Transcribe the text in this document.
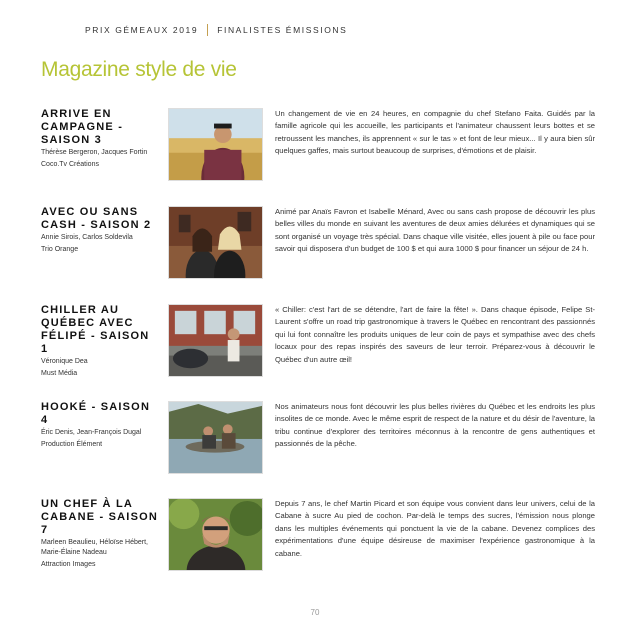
PRIX GÉMEAUX 2019 FINALISTES ÉMISSIONS
Magazine style de vie
ARRIVE EN CAMPAGNE - SAISON 3
Thérèse Bergeron, Jacques Fortin
Coco.Tv Créations
Un changement de vie en 24 heures, en compagnie du chef Stefano Faita. Guidés par la famille agricole qui les accueille, les participants et l'animateur chaussent leurs bottes et se retroussent les manches, ils apprennent « sur le tas » et font de leur mieux... Il y aura bien sûr quelques gaffes, mais surtout beaucoup de surprises, d'émotions et de plaisir.
AVEC OU SANS CASH - SAISON 2
Annie Sirois, Carlos Soldevila
Trio Orange
Animé par Anaïs Favron et Isabelle Ménard, Avec ou sans cash propose de découvrir les plus belles villes du monde en suivant les aventures de deux amies délurées et dynamiques qui se sont organisé un voyage très spécial. Dans chaque ville visitée, elles jouent à pile ou face pour savoir qui disposera d'un budget de 100 $ et qui aura 1000 $ pour financer un séjour de 24 h.
CHILLER AU QUÉBEC AVEC FÉLIPÉ - SAISON 1
Véronique Dea
Must Média
« Chiller: c'est l'art de se détendre, l'art de faire la fête! ». Dans chaque épisode, Felipe St-Laurent s'offre un road trip gastronomique à travers le Québec en rencontrant des passionnés qui lui font connaître les produits uniques de leur coin de pays et sympathise avec des chefs locaux pour des repas inspirés des saveurs de leur terroir. Préparez-vous à découvrir le Québec d'un autre œil!
HOOKÉ - SAISON 4
Éric Denis, Jean-François Dugal
Production Élément
Nos animateurs nous font découvrir les plus belles rivières du Québec et les endroits les plus insolites de ce monde. Avec le même esprit de respect de la nature et du désir de l'aventure, la tribu continue d'explorer des territoires méconnus à la rencontre de gens authentiques et passionnés de la pêche.
UN CHEF À LA CABANE - SAISON 7
Marleen Beaulieu, Héloïse Hébert, Marie-Élaine Nadeau
Attraction Images
Depuis 7 ans, le chef Martin Picard et son équipe vous convient dans leur univers, celui de la Cabane à sucre Au pied de cochon. Par-delà le temps des sucres, l'émission nous plonge dans les multiples événements qui ponctuent la vie de la cabane. Devenez complices des expérimentations d'une équipe désireuse de maximiser l'expérience gastronomique à la cabane.
70
